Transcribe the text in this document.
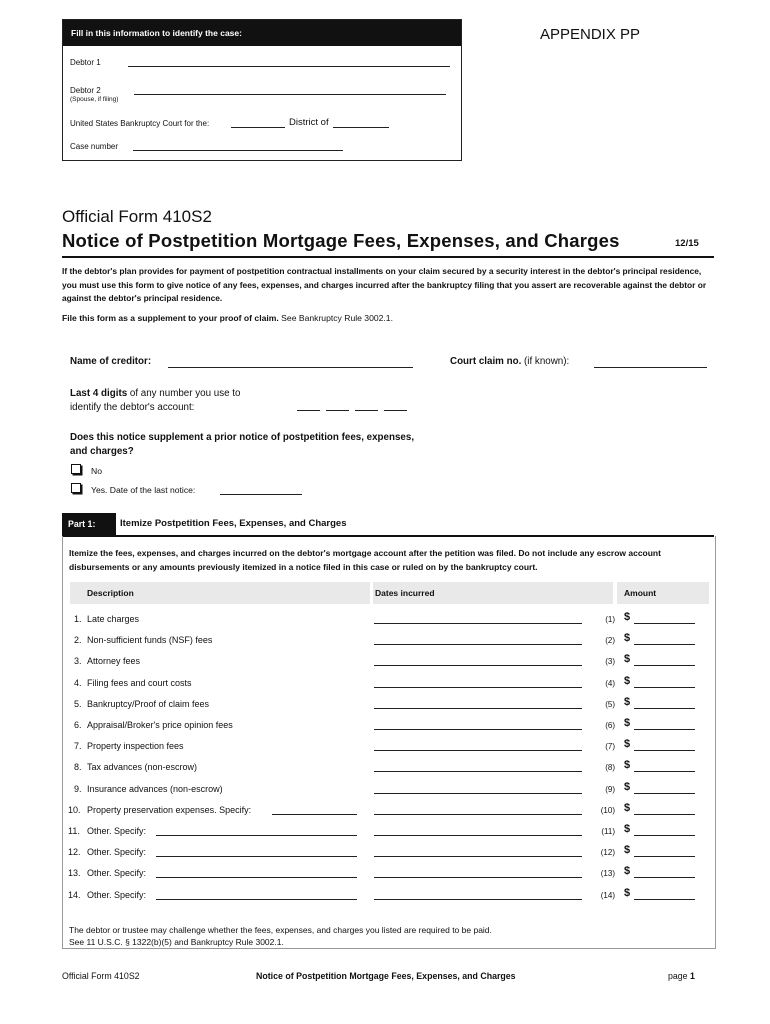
Fill in this information to identify the case:
Debtor 1
Debtor 2
(Spouse, if filing)
United States Bankruptcy Court for the:	District of
Case number
APPENDIX PP
Official Form 410S2
Notice of Postpetition Mortgage Fees, Expenses, and Charges	12/15
If the debtor's plan provides for payment of postpetition contractual installments on your claim secured by a security interest in the debtor's principal residence, you must use this form to give notice of any fees, expenses, and charges incurred after the bankruptcy filing that you assert are recoverable against the debtor or against the debtor's principal residence.
File this form as a supplement to your proof of claim. See Bankruptcy Rule 3002.1.
Name of creditor:	Court claim no. (if known):
Last 4 digits of any number you use to
identify the debtor's account:
Does this notice supplement a prior notice of postpetition fees, expenses, and charges?
No
Yes. Date of the last notice:
Part 1:	Itemize Postpetition Fees, Expenses, and Charges
Itemize the fees, expenses, and charges incurred on the debtor's mortgage account after the petition was filed. Do not include any escrow account disbursements or any amounts previously itemized in a notice filed in this case or ruled on by the bankruptcy court.
Description	Dates incurred	Amount
1. Late charges	(1) $
2. Non-sufficient funds (NSF) fees	(2) $
3. Attorney fees	(3) $
4. Filing fees and court costs	(4) $
5. Bankruptcy/Proof of claim fees	(5) $
6. Appraisal/Broker's price opinion fees	(6) $
7. Property inspection fees	(7) $
8. Tax advances (non-escrow)	(8) $
9. Insurance advances (non-escrow)	(9) $
10. Property preservation expenses. Specify:	(10) $
11. Other. Specify:	(11) $
12. Other. Specify:	(12) $
13. Other. Specify:	(13) $
14. Other. Specify:	(14) $
The debtor or trustee may challenge whether the fees, expenses, and charges you listed are required to be paid.
See 11 U.S.C. § 1322(b)(5) and Bankruptcy Rule 3002.1.
Official Form 410S2	Notice of Postpetition Mortgage Fees, Expenses, and Charges	page 1
